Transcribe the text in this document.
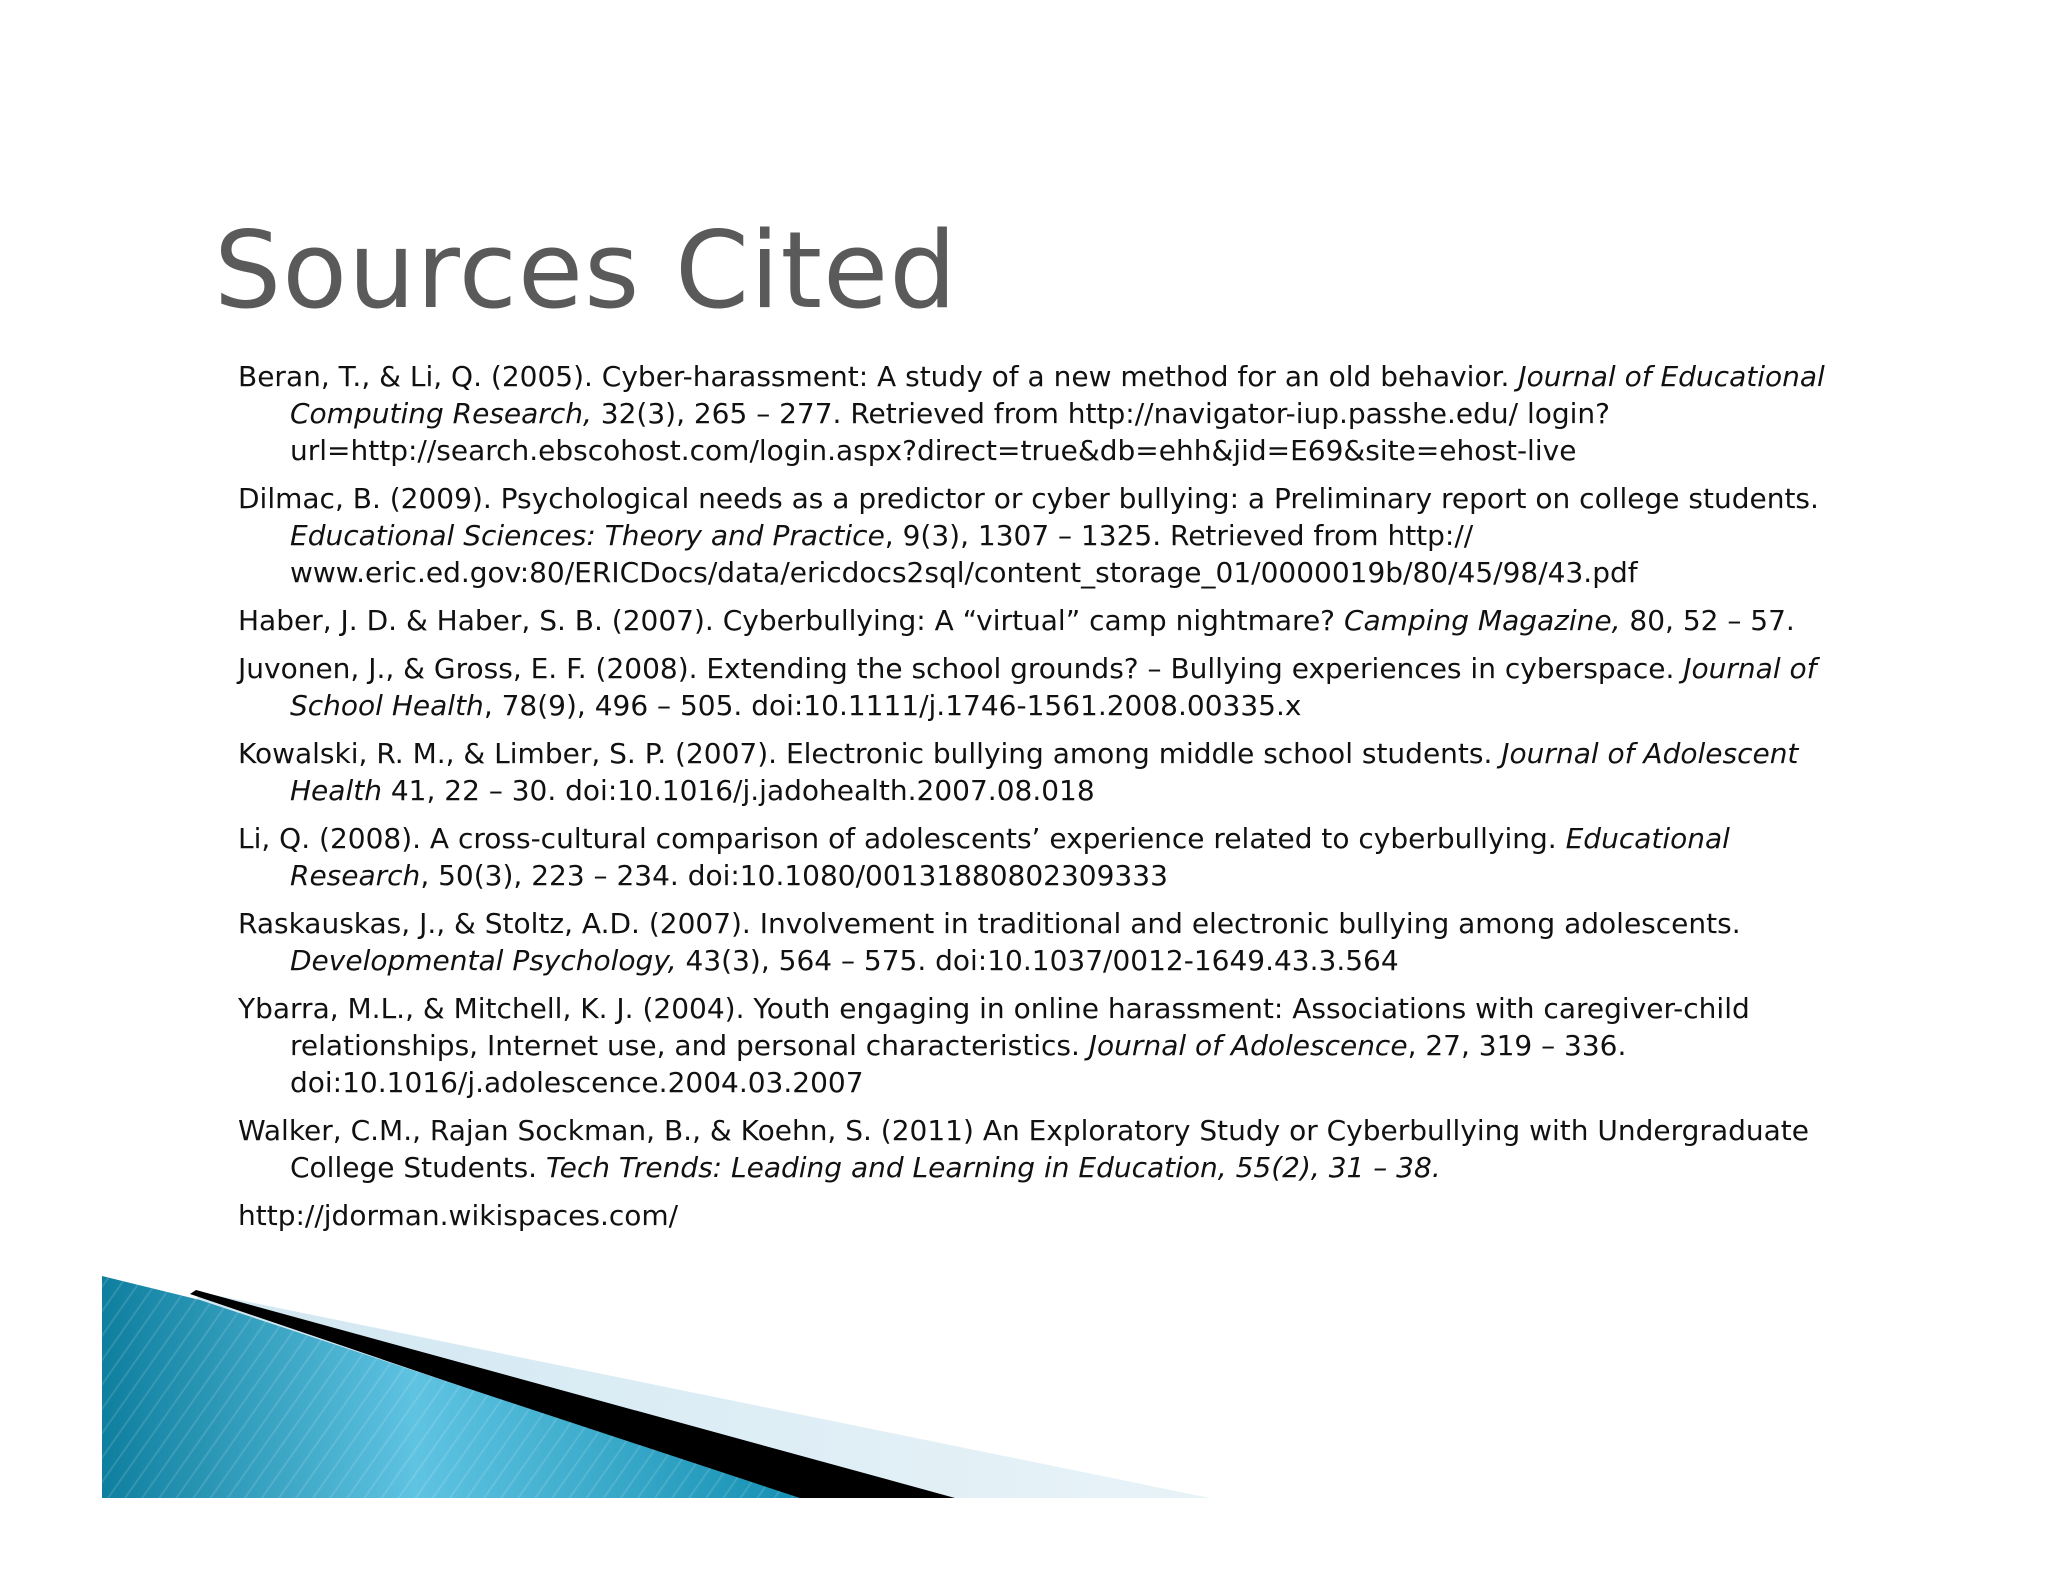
Sources Cited
Beran, T., & Li, Q. (2005). Cyber-harassment: A study of a new method for an old behavior. Journal of Educational Computing Research, 32(3), 265 – 277. Retrieved from http://navigator-iup.passhe.edu/ login?url=http://search.ebscohost.com/login.aspx?direct=true&db=ehh&jid=E69&site=ehost-live
Dilmac, B. (2009). Psychological needs as a predictor or cyber bullying: a Preliminary report on college students. Educational Sciences: Theory and Practice, 9(3), 1307 – 1325. Retrieved from http:// www.eric.ed.gov:80/ERICDocs/data/ericdocs2sql/content_storage_01/0000019b/80/45/98/43.pdf
Haber, J. D. & Haber, S. B. (2007). Cyberbullying: A “virtual” camp nightmare? Camping Magazine, 80, 52 – 57.
Juvonen, J., & Gross, E. F. (2008). Extending the school grounds? – Bullying experiences in cyberspace. Journal of School Health, 78(9), 496 – 505. doi:10.1111/j.1746-1561.2008.00335.x
Kowalski, R. M., & Limber, S. P. (2007). Electronic bullying among middle school students. Journal of Adolescent Health 41, 22 – 30. doi:10.1016/j.jadohealth.2007.08.018
Li, Q. (2008). A cross-cultural comparison of adolescents’ experience related to cyberbullying. Educational Research, 50(3), 223 – 234. doi:10.1080/00131880802309333
Raskauskas, J., & Stoltz, A.D. (2007). Involvement in traditional and electronic bullying among adolescents. Developmental Psychology, 43(3), 564 – 575. doi:10.1037/0012-1649.43.3.564
Ybarra, M.L., & Mitchell, K. J. (2004). Youth engaging in online harassment: Associations with caregiver-child relationships, Internet use, and personal characteristics. Journal of Adolescence, 27, 319 – 336. doi:10.1016/j.adolescence.2004.03.2007
Walker, C.M., Rajan Sockman, B., & Koehn, S. (2011) An Exploratory Study or Cyberbullying with Undergraduate College Students. Tech Trends: Leading and Learning in Education, 55(2), 31 – 38.
http://jdorman.wikispaces.com/
